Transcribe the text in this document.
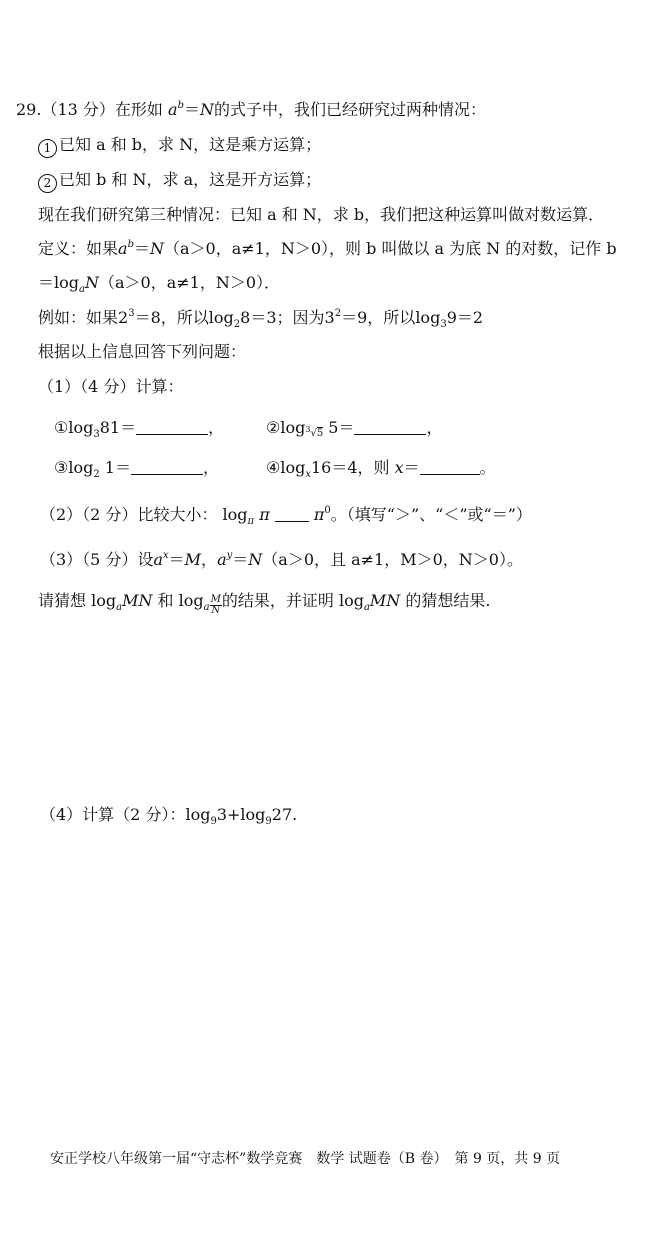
29.（13 分）在形如 $a^b=N$的式子中，我们已经研究过两种情况：
1 已知 a 和 b，求 N，这是乘方运算；
2 已知 b 和 N，求 a，这是开方运算；
现在我们研究第三种情况：已知 a 和 N，求 b，我们把这种运算叫做对数运算．
定义：如果$a^b=N(a>0$，a≠1，N＞0），则 b 叫做以 a 为底 N 的对数，记作 b
$=\log_aN(a>0$，a≠1，N＞0）．
例如：如果$2^3=8$，所以$\log_28=3$；因为$3^2=9$，所以$\log_39=2$
根据以上信息回答下列问题：
（1）（4 分）计算：
$①\log_381=$	，	$②\log^3√5$ 5＝	，
$③\log_2$ 1＝	，	$④\log_x16=4$，则 x＝	。
（2）（2 分）比较大小： $\log_\pi \pi$	$\pi^0$。（填写“＞”、“＜”或“＝”）
（3）（5 分）设$a^x=M$，$a^y=N(a>0$，且 a≠1，M＞0，N＞0）。
请猜想 $\log_aMN$ 和 $\log_a \frac{M}{N}$ 的结果，并证明 $\log_aMN$ 的猜想结果.
（4）计算（2 分）：$\log_93+\log_927$.
安正学校八年级第一届“守志杯”数学竞赛　数学 试题卷（B 卷）　第 9 页，共 9 页
